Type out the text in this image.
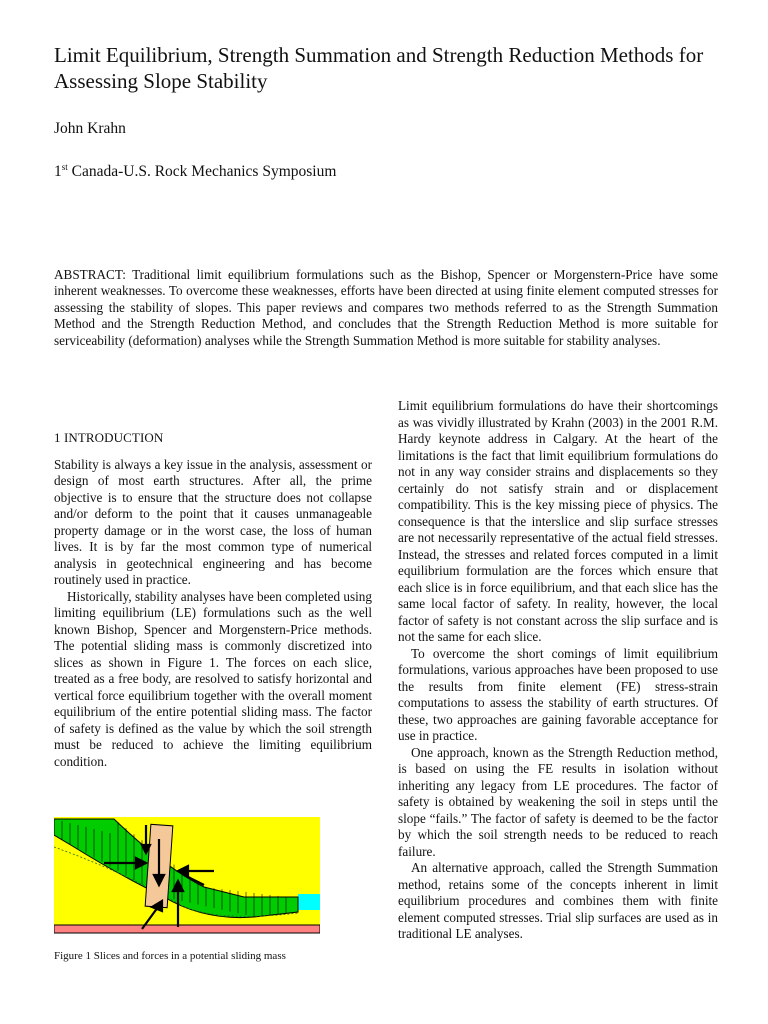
Limit Equilibrium, Strength Summation and Strength Reduction Methods for Assessing Slope Stability
John Krahn
1st Canada-U.S. Rock Mechanics Symposium

ABSTRACT: Traditional limit equilibrium formulations such as the Bishop, Spencer or Morgenstern-Price have some inherent weaknesses. To overcome these weaknesses, efforts have been directed at using finite element computed stresses for assessing the stability of slopes. This paper reviews and compares two methods referred to as the Strength Summation Method and the Strength Reduction Method, and concludes that the Strength Reduction Method is more suitable for serviceability (deformation) analyses while the Strength Summation Method is more suitable for stability analyses.

1 INTRODUCTION

Stability is always a key issue in the analysis, assessment or design of most earth structures. After all, the prime objective is to ensure that the structure does not collapse and/or deform to the point that it causes unmanageable property damage or in the worst case, the loss of human lives. It is by far the most common type of numerical analysis in geotechnical engineering and has become routinely used in practice.

Historically, stability analyses have been completed using limiting equilibrium (LE) formulations such as the well known Bishop, Spencer and Morgenstern-Price methods. The potential sliding mass is commonly discretized into slices as shown in Figure 1. The forces on each slice, treated as a free body, are resolved to satisfy horizontal and vertical force equilibrium together with the overall moment equilibrium of the entire potential sliding mass. The factor of safety is defined as the value by which the soil strength must be reduced to achieve the limiting equilibrium condition.

Figure 1 Slices and forces in a potential sliding mass

Limit equilibrium formulations do have their shortcomings as was vividly illustrated by Krahn (2003) in the 2001 R.M. Hardy keynote address in Calgary. At the heart of the limitations is the fact that limit equilibrium formulations do not in any way consider strains and displacements so they certainly do not satisfy strain and or displacement compatibility. This is the key missing piece of physics. The consequence is that the interslice and slip surface stresses are not necessarily representative of the actual field stresses. Instead, the stresses and related forces computed in a limit equilibrium formulation are the forces which ensure that each slice is in force equilibrium, and that each slice has the same local factor of safety. In reality, however, the local factor of safety is not constant across the slip surface and is not the same for each slice.

To overcome the short comings of limit equilibrium formulations, various approaches have been proposed to use the results from finite element (FE) stress-strain computations to assess the stability of earth structures. Of these, two approaches are gaining favorable acceptance for use in practice.

One approach, known as the Strength Reduction method, is based on using the FE results in isolation without inheriting any legacy from LE procedures. The factor of safety is obtained by weakening the soil in steps until the slope “fails.” The factor of safety is deemed to be the factor by which the soil strength needs to be reduced to reach failure.

An alternative approach, called the Strength Summation method, retains some of the concepts inherent in limit equilibrium procedures and combines them with finite element computed stresses. Trial slip surfaces are used as in traditional LE analyses.
